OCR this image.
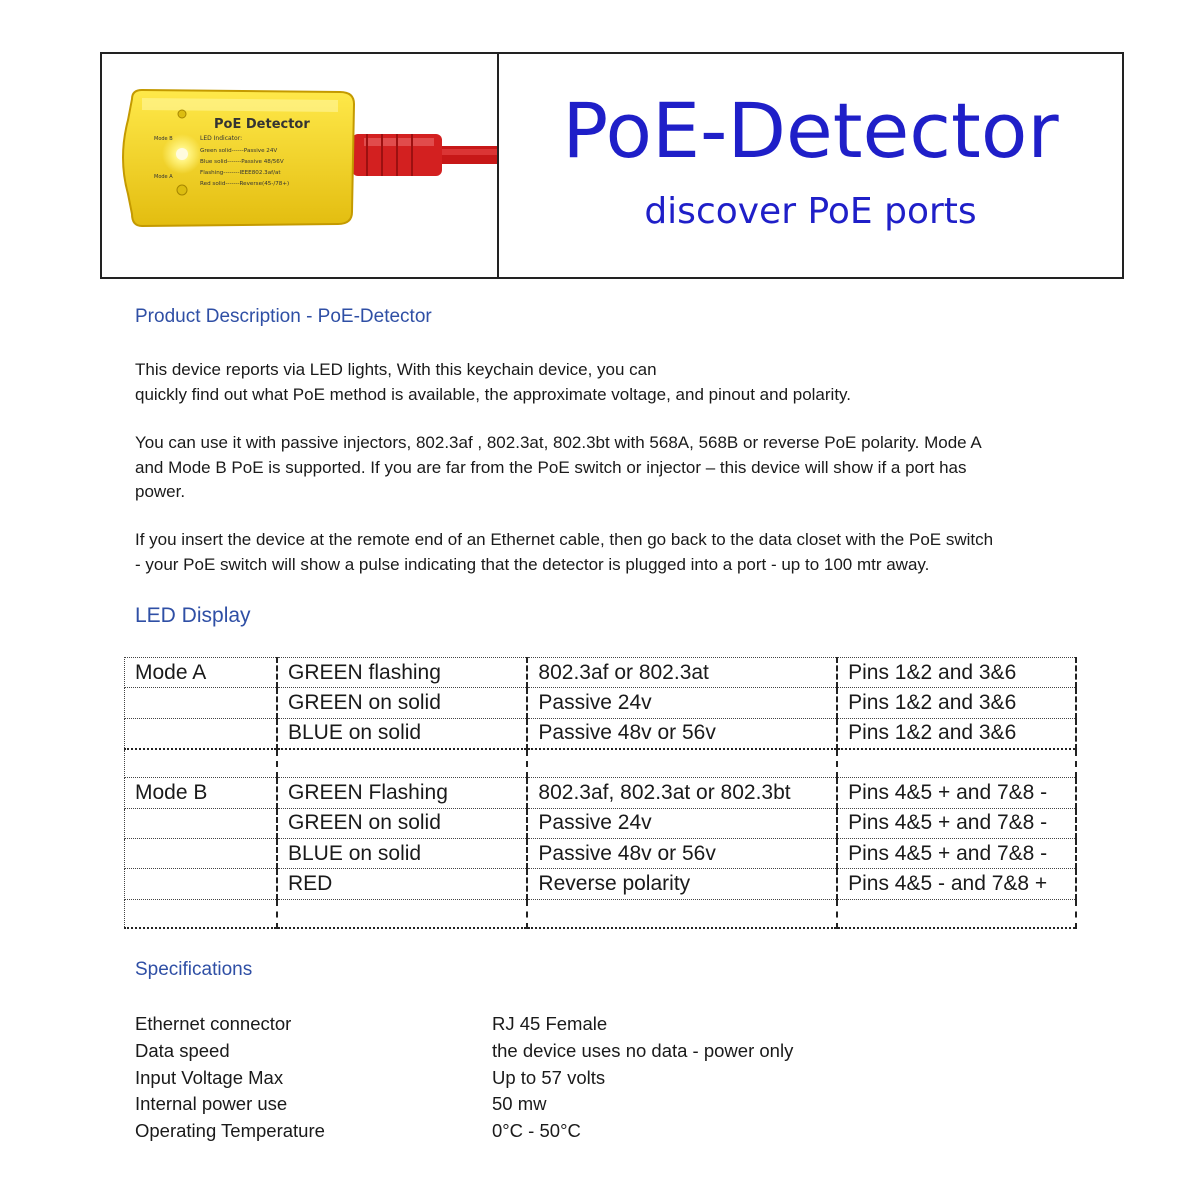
PoE Detector
Mode B
Mode A
LED Indicator:
Green solid------Passive 24V
Blue solid-------Passive 48/56V
Flashing--------IEEE802.3af/at
Red solid-------Reverse(45-/78+)
PoE-Detector
discover PoE ports
Product Description - PoE-Detector
This device reports via LED lights, With this keychain device, you can
quickly find out what PoE method is available, the approximate voltage, and pinout and polarity.
You can use it with passive injectors, 802.3af , 802.3at, 802.3bt with 568A, 568B or reverse PoE polarity. Mode A
and Mode B PoE is supported. If you are far from the PoE switch or injector – this device will show if a port has
power.
If you insert the device at the remote end of an Ethernet cable, then go back to the data closet with the PoE switch
- your PoE switch will show a pulse indicating that the detector is plugged into a port - up to 100 mtr away.
LED Display
Mode A	GREEN flashing	802.3af or 802.3at	Pins 1&2 and 3&6
	GREEN on solid	Passive 24v	Pins 1&2 and 3&6
	BLUE on solid	Passive 48v or 56v	Pins 1&2 and 3&6

Mode B	GREEN Flashing	802.3af, 802.3at or 802.3bt	Pins 4&5 + and 7&8 -
	GREEN on solid	Passive 24v	Pins 4&5 + and 7&8 -
	BLUE on solid	Passive 48v or 56v	Pins 4&5 + and 7&8 -
	RED	Reverse polarity	Pins 4&5 - and 7&8 +

Specifications
Ethernet connector	RJ 45 Female
Data speed	the device uses no data - power only
Input Voltage Max	Up to 57 volts
Internal power use	50 mw
Operating Temperature	0°C - 50°C
